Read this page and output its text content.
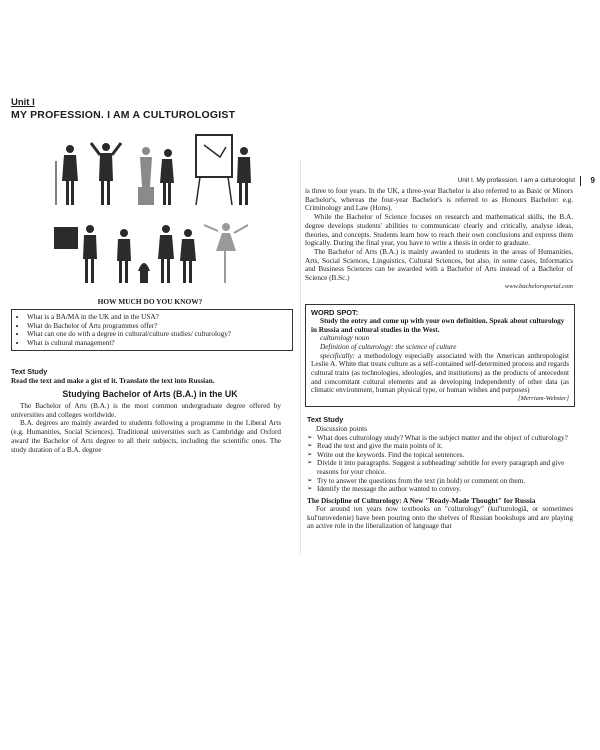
Unit I
MY PROFESSION. I AM A CULTUROLOGIST
HOW MUCH DO YOU KNOW?
• What is a BA/MA in the UK and in the USA?
• What do Bachelor of Arts programmes offer?
• What can one do with a degree in cultural/culture studies/ culturology?
• What is cultural management?
Text Study
Read the text and make a gist of it. Translate the text into Russian.
Studying Bachelor of Arts (B.A.) in the UK

The Bachelor of Arts (B.A.) is the most common undergraduate degree offered by universities and colleges worldwide.

B.A. degrees are mainly awarded to students following a programme in the Liberal Arts (e.g. Humanities, Social Sciences). Traditional universities such as Cambridge and Oxford award the Bachelor of Arts degree to all their subjects, including the scientific ones. The study duration of a B.A. degree

Unit I. My profession. I am a culturologist 9

is three to four years. In the UK, a three-year Bachelor is also referred to as Basic or Minors Bachelor's, whereas the four-year Bachelor's is referred to as Honours Bachelor: e.g. Criminology and Law (Hons).

While the Bachelor of Science focuses on research and mathematical skills, the B.A. degree develops students' abilities to communicate clearly and critically, analyse ideas, theories, and concepts. Students learn how to reach their own conclusions and express them logically. During the final year, you have to write a thesis in order to graduate.

The Bachelor of Arts (B.A.) is mainly awarded to students in the areas of Humanities, Arts, Social Sciences, Linguistics, Cultural Sciences, but also, in some cases, Informatics and Business Sciences can be awarded with a Bachelor of Arts instead of a Bachelor of Science (B.Sc.)

www.bachelorsportal.com

WORD SPOT:

Study the entry and come up with your own definition. Speak about culturology in Russia and cultural studies in the West.

culturology noun

Definition of culturology: the science of culture

specifically: a methodology especially associated with the American anthropologist Leslie A. White that treats culture as a self-contained self-determined process and regards cultural traits (as technologies, ideologies, and institutions) as the products of antecedent and concomitant cultural elements and as developing independently of other data (as climatic environment, human physical type, or human wishes and purposes)

[Merriam-Webster]

Text Study
Discussion points
➢ What does culturology study? What is the subject matter and the object of culturology?
➢ Read the text and give the main points of it.
➢ Write out the keywords. Find the topical sentences.
➢ Divide it into paragraphs. Suggest a subheading/ subtitle for every paragraph and give reasons for your choice.
➢ Try to answer the questions from the text (in bold) or comment on them.
➢ Identify the message the author wanted to convey.
The Discipline of Culturology: A New "Ready-Made Thought" for Russia

For around ten years now textbooks on "culturology" (kul'turologiâ, or sometimes kul'turovedenie) have been pouring onto the shelves of Russian bookshops and are playing an active role in the liberalization of language that
